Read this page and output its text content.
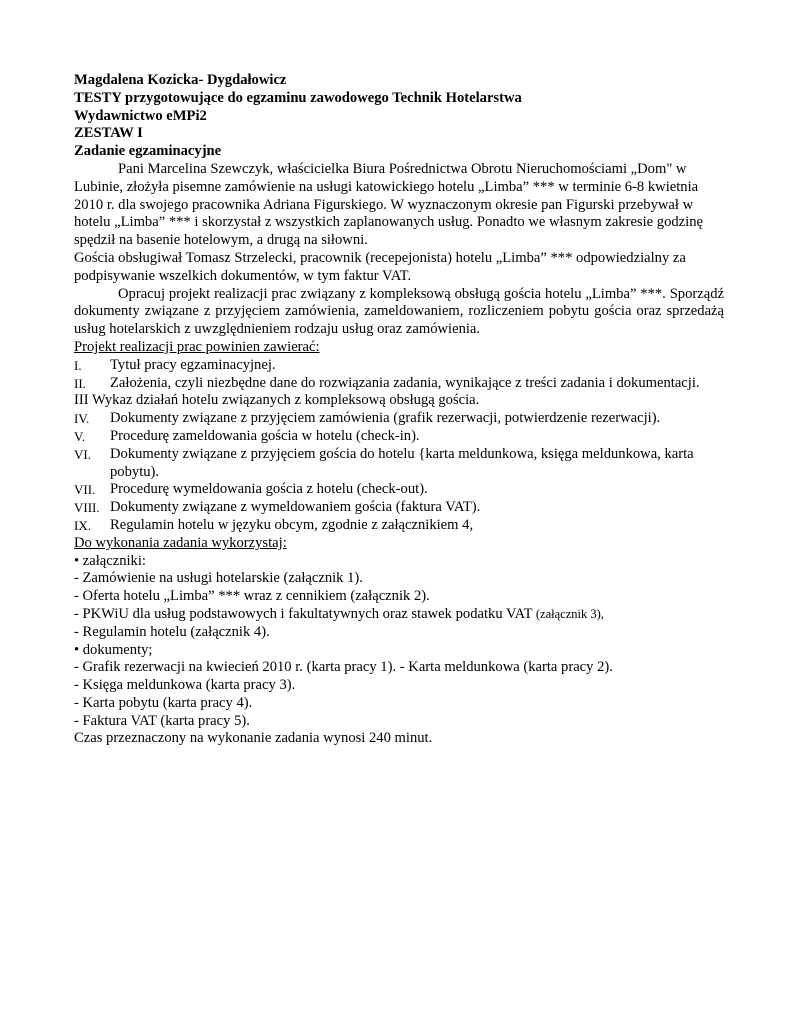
Magdalena Kozicka- Dygdałowicz

TESTY przygotowujące do egzaminu zawodowego Technik Hotelarstwa

Wydawnictwo eMPi2

ZESTAW I

Zadanie egzaminacyjne

Pani Marcelina Szewczyk, właścicielka Biura Pośrednictwa Obrotu Nieruchomościami „Dom" w Lubinie, złożyła pisemne zamówienie na usługi katowickiego hotelu „Limba” *** w terminie 6-8 kwietnia 2010 r. dla swojego pracownika Adriana Figurskiego. W wyznaczonym okresie pan Figurski przebywał w hotelu „Limba” *** i skorzystał z wszystkich zaplanowanych usług. Ponadto we własnym zakresie godzinę spędził na basenie hotelowym, a drugą na siłowni.

Gościa obsługiwał Tomasz Strzelecki, pracownik (recepejonista) hotelu „Limba” *** odpowiedzialny za podpisywanie wszelkich dokumentów, w tym faktur VAT.

Opracuj projekt realizacji prac związany z kompleksową obsługą gościa hotelu „Limba” ***. Sporządź dokumenty związane z przyjęciem zamówienia, zameldowaniem, rozliczeniem pobytu gościa oraz sprzedażą usług hotelarskich z uwzględnieniem rodzaju usług oraz zamówienia.

Projekt realizacji prac powinien zawierać:

I.	Tytuł pracy egzaminacyjnej.
II.	Założenia, czyli niezbędne dane do rozwiązania zadania, wynikające z treści zadania i dokumentacji.
III Wykaz działań hotelu związanych z kompleksową obsługą gościa.
IV.	Dokumenty związane z przyjęciem zamówienia (grafik rezerwacji, potwierdzenie rezerwacji).
V.	Procedurę zameldowania gościa w hotelu (check-in).
VI.	Dokumenty związane z przyjęciem gościa do hotelu {karta meldunkowa, księga meldunkowa, karta pobytu).
VII.	Procedurę wymeldowania gościa z hotelu (check-out).
VIII. Dokumenty związane z wymeldowaniem gościa (faktura VAT).
IX.	Regulamin hotelu w języku obcym, zgodnie z załącznikiem 4,

Do wykonania zadania wykorzystaj:

• załączniki:

- Zamówienie na usługi hotelarskie (załącznik 1).

- Oferta hotelu „Limba” *** wraz z cennikiem (załącznik 2).

- PKWiU dla usług podstawowych i fakultatywnych oraz stawek podatku VAT (załącznik 3),

- Regulamin hotelu (załącznik 4).

• dokumenty;

- Grafik rezerwacji na kwiecień 2010 r. (karta pracy 1). - Karta meldunkowa (karta pracy 2).

- Księga meldunkowa (karta pracy 3).

- Karta pobytu (karta pracy 4).

- Faktura VAT (karta pracy 5).

Czas przeznaczony na wykonanie zadania wynosi 240 minut.
